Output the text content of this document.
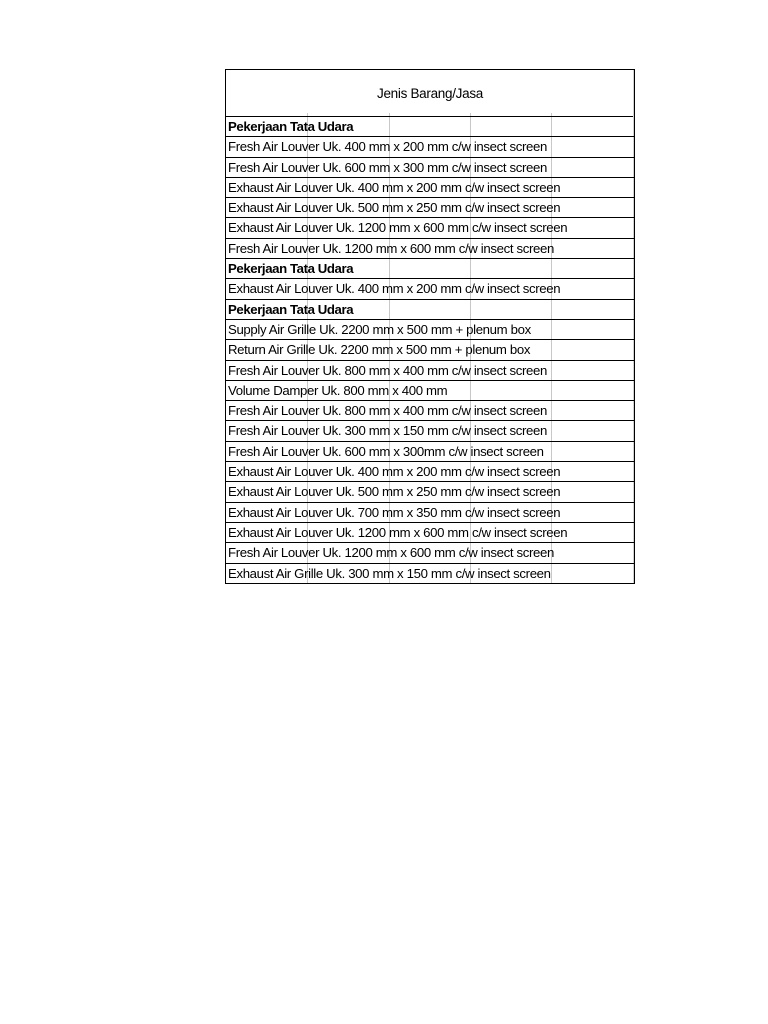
Jenis Barang/Jasa
Pekerjaan Tata Udara
Fresh Air Louver Uk. 400 mm x 200 mm c/w insect screen
Fresh Air Louver Uk. 600 mm x 300 mm c/w insect screen
Exhaust Air Louver Uk. 400 mm x 200 mm c/w insect screen
Exhaust Air Louver Uk. 500 mm x 250 mm c/w insect screen
Exhaust Air Louver Uk. 1200 mm x 600 mm c/w insect screen
Fresh Air Louver Uk. 1200 mm x 600 mm c/w insect screen
Pekerjaan Tata Udara
Exhaust Air Louver Uk. 400 mm x 200 mm c/w insect screen
Pekerjaan Tata Udara
Supply Air Grille Uk. 2200 mm x 500 mm + plenum box
Return Air Grille Uk. 2200 mm x 500 mm + plenum box
Fresh Air Louver Uk. 800 mm x 400 mm c/w insect screen
Volume Damper Uk. 800 mm x 400 mm
Fresh Air Louver Uk. 800 mm x 400 mm c/w insect screen
Fresh Air Louver Uk. 300 mm x 150 mm c/w insect screen
Fresh Air Louver Uk. 600 mm x 300mm c/w insect screen
Exhaust Air Louver Uk. 400 mm x 200 mm c/w insect screen
Exhaust Air Louver Uk. 500 mm x 250 mm c/w insect screen
Exhaust Air Louver Uk. 700 mm x 350 mm c/w insect screen
Exhaust Air Louver Uk. 1200 mm x 600 mm c/w insect screen
Fresh Air Louver Uk. 1200 mm x 600 mm c/w insect screen
Exhaust Air Grille Uk. 300 mm x 150 mm c/w insect screen
